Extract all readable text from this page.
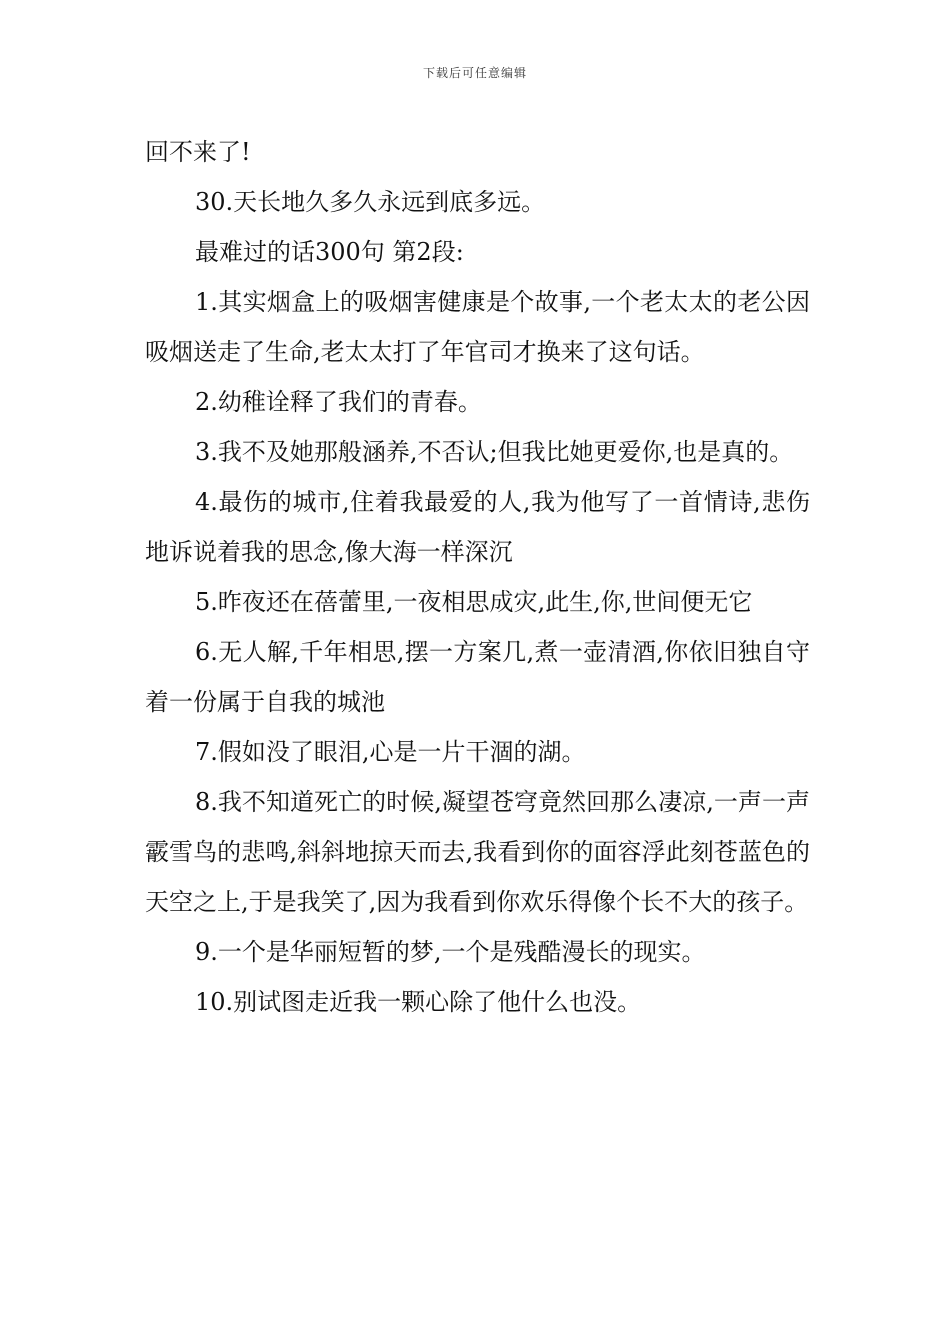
下载后可任意编辑

回不来了!

30.天长地久多久永远到底多远。

最难过的话300句 第2段:

1.其实烟盒上的吸烟害健康是个故事,一个老太太的老公因吸烟送走了生命,老太太打了年官司才换来了这句话。

2.幼稚诠释了我们的青春。

3.我不及她那般涵养,不否认;但我比她更爱你,也是真的。

4.最伤的城市,住着我最爱的人,我为他写了一首情诗,悲伤地诉说着我的思念,像大海一样深沉

5.昨夜还在蓓蕾里,一夜相思成灾,此生,你,世间便无它

6.无人解,千年相思,摆一方案几,煮一壶清酒,你依旧独自守着一份属于自我的城池

7.假如没了眼泪,心是一片干涸的湖。

8.我不知道死亡的时候,凝望苍穹竟然回那么凄凉,一声一声霰雪鸟的悲鸣,斜斜地掠天而去,我看到你的面容浮此刻苍蓝色的天空之上,于是我笑了,因为我看到你欢乐得像个长不大的孩子。

9.一个是华丽短暂的梦,一个是残酷漫长的现实。

10.别试图走近我一颗心除了他什么也没。
